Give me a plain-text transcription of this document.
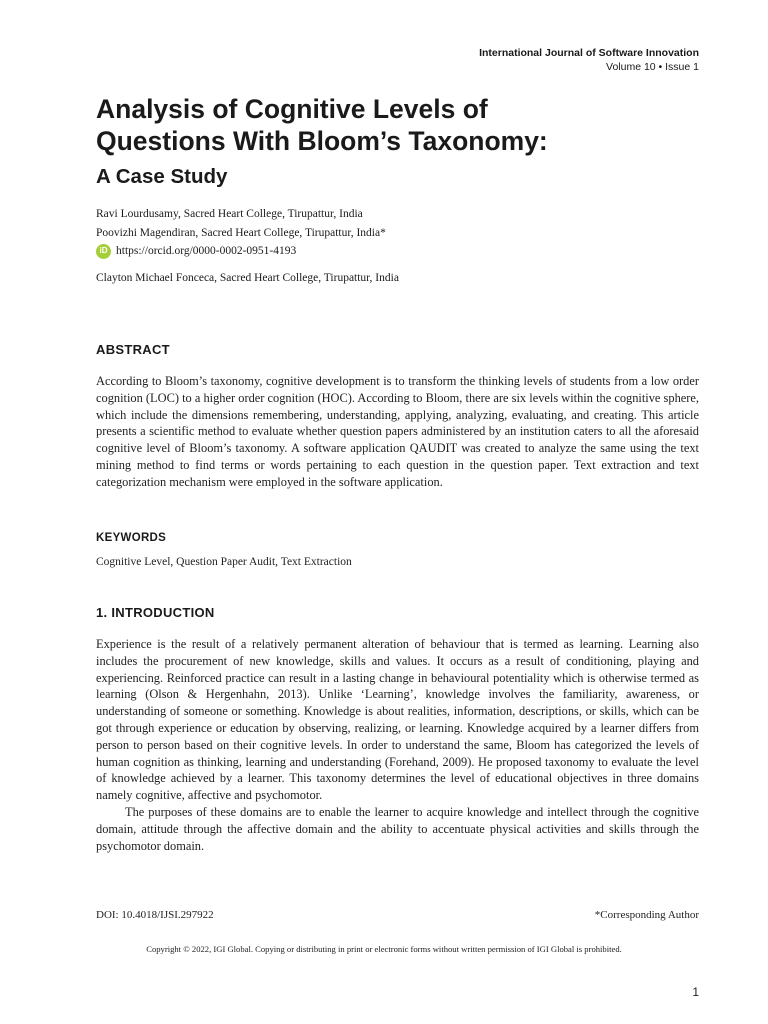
International Journal of Software Innovation
Volume 10 • Issue 1
Analysis of Cognitive Levels of
Questions With Bloom’s Taxonomy:
A Case Study
Ravi Lourdusamy, Sacred Heart College, Tirupattur, India
Poovizhi Magendiran, Sacred Heart College, Tirupattur, India*
iD https://orcid.org/0000-0002-0951-4193
Clayton Michael Fonceca, Sacred Heart College, Tirupattur, India
ABSTRACT

According to Bloom’s taxonomy, cognitive development is to transform the thinking levels of students from a low order cognition (LOC) to a higher order cognition (HOC). According to Bloom, there are six levels within the cognitive sphere, which include the dimensions remembering, understanding, applying, analyzing, evaluating, and creating. This article presents a scientific method to evaluate whether question papers administered by an institution caters to all the aforesaid cognitive level of Bloom’s taxonomy. A software application QAUDIT was created to analyze the same using the text mining method to find terms or words pertaining to each question in the question paper. Text extraction and text categorization mechanism were employed in the software application.

KEYWORDS

Cognitive Level, Question Paper Audit, Text Extraction

1. INTRODUCTION

Experience is the result of a relatively permanent alteration of behaviour that is termed as learning. Learning also includes the procurement of new knowledge, skills and values. It occurs as a result of conditioning, playing and experiencing. Reinforced practice can result in a lasting change in behavioural potentiality which is otherwise termed as learning (Olson & Hergenhahn, 2013). Unlike ‘Learning’, knowledge involves the familiarity, awareness, or understanding of someone or something. Knowledge is about realities, information, descriptions, or skills, which can be got through experience or education by observing, realizing, or learning. Knowledge acquired by a learner differs from person to person based on their cognitive levels. In order to understand the same, Bloom has categorized the levels of human cognition as thinking, learning and understanding (Forehand, 2009). He proposed taxonomy to evaluate the level of knowledge achieved by a learner. This taxonomy determines the level of educational objectives in three domains namely cognitive, affective and psychomotor.

The purposes of these domains are to enable the learner to acquire knowledge and intellect through the cognitive domain, attitude through the affective domain and the ability to accentuate physical activities and skills through the psychomotor domain.

DOI: 10.4018/IJSI.297922	*Corresponding Author
Copyright © 2022, IGI Global. Copying or distributing in print or electronic forms without written permission of IGI Global is prohibited.
1
